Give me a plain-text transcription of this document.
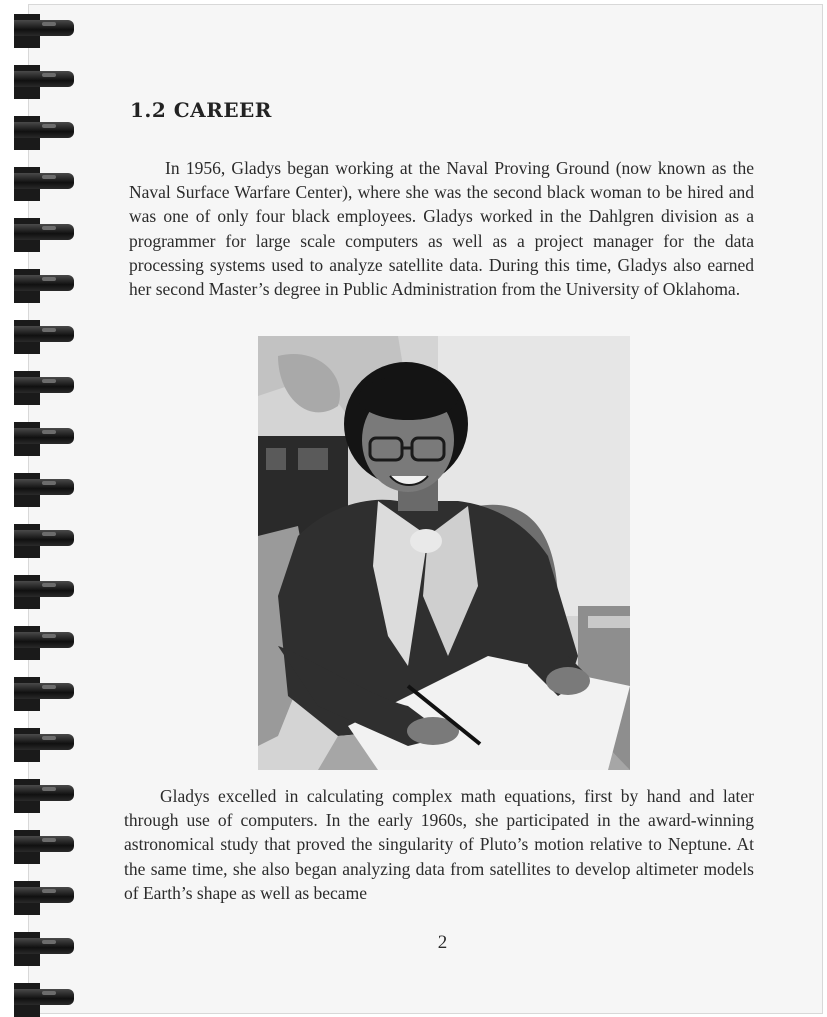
1.2 CAREER

In 1956, Gladys began working at the Naval Proving Ground (now known as the Naval Surface Warfare Center), where she was the second black woman to be hired and was one of only four black employees. Gladys worked in the Dahlgren division as a programmer for large scale computers as well as a project manager for the data processing systems used to analyze satellite data. During this time, Gladys also earned her second Master’s degree in Public Administration from the University of Oklahoma.

Gladys excelled in calculating complex math equations, first by hand and later through use of computers. In the early 1960s, she participated in the award-winning astronomical study that proved the singularity of Pluto’s motion relative to Neptune. At the same time, she also began analyzing data from satellites to develop altimeter models of Earth’s shape as well as became

2
